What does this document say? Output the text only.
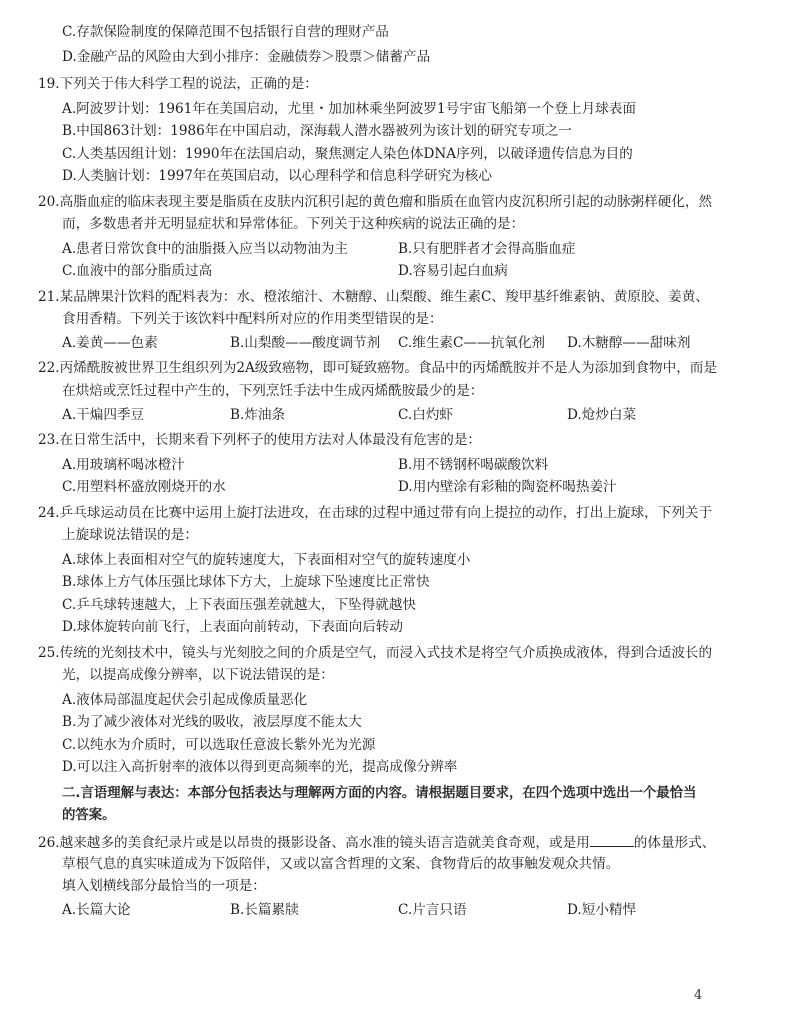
C.存款保险制度的保障范围不包括银行自营的理财产品
D.金融产品的风险由大到小排序：金融债券＞股票＞储蓄产品
19.下列关于伟大科学工程的说法，正确的是：
A.阿波罗计划：1961年在美国启动，尤里・加加林乘坐阿波罗1号宇宙飞船第一个登上月球表面
B.中国863计划：1986年在中国启动，深海载人潜水器被列为该计划的研究专项之一
C.人类基因组计划：1990年在法国启动，聚焦测定人染色体DNA序列，以破译遗传信息为目的
D.人类脑计划：1997年在英国启动，以心理科学和信息科学研究为核心
20.高脂血症的临床表现主要是脂质在皮肤内沉积引起的黄色瘤和脂质在血管内皮沉积所引起的动脉粥样硬化，然
而，多数患者并无明显症状和异常体征。下列关于这种疾病的说法正确的是：
A.患者日常饮食中的油脂摄入应当以动物油为主	B.只有肥胖者才会得高脂血症
C.血液中的部分脂质过高	D.容易引起白血病
21.某品牌果汁饮料的配料表为：水、橙浓缩汁、木糖醇、山梨酸、维生素C、羧甲基纤维素钠、黄原胶、姜黄、
食用香精。下列关于该饮料中配料所对应的作用类型错误的是：
A.姜黄——色素	B.山梨酸——酸度调节剂 C.维生素C——抗氧化剂 D.木糖醇——甜味剂
22.丙烯酰胺被世界卫生组织列为2A级致癌物，即可疑致癌物。食品中的丙烯酰胺并不是人为添加到食物中，而是
在烘焙或烹饪过程中产生的，下列烹饪手法中生成丙烯酰胺最少的是：
A.干煸四季豆	B.炸油条	C.白灼虾	D.炝炒白菜
23.在日常生活中，长期来看下列杯子的使用方法对人体最没有危害的是：
A.用玻璃杯喝冰橙汁	B.用不锈钢杯喝碳酸饮料
C.用塑料杯盛放刚烧开的水	D.用内壁涂有彩釉的陶瓷杯喝热姜汁
24.乒乓球运动员在比赛中运用上旋打法进攻，在击球的过程中通过带有向上提拉的动作，打出上旋球，下列关于
上旋球说法错误的是：
A.球体上表面相对空气的旋转速度大，下表面相对空气的旋转速度小
B.球体上方气体压强比球体下方大，上旋球下坠速度比正常快
C.乒乓球转速越大，上下表面压强差就越大，下坠得就越快
D.球体旋转向前飞行，上表面向前转动，下表面向后转动
25.传统的光刻技术中，镜头与光刻胶之间的介质是空气，而浸入式技术是将空气介质换成液体，得到合适波长的
光，以提高成像分辨率，以下说法错误的是：
A.液体局部温度起伏会引起成像质量恶化
B.为了减少液体对光线的吸收，液层厚度不能太大
C.以纯水为介质时，可以选取任意波长紫外光为光源
D.可以注入高折射率的液体以得到更高频率的光，提高成像分辨率
二.言语理解与表达：本部分包括表达与理解两方面的内容。请根据题目要求，在四个选项中选出一个最恰当
的答案。
26.越来越多的美食纪录片或是以昂贵的摄影设备、高水准的镜头语言造就美食奇观，或是用	的体量形式、
草根气息的真实味道成为下饭陪伴，又或以富含哲理的文案、食物背后的故事触发观众共情。
填入划横线部分最恰当的一项是：
A.长篇大论	B.长篇累牍	C.片言只语	D.短小精悍
4
